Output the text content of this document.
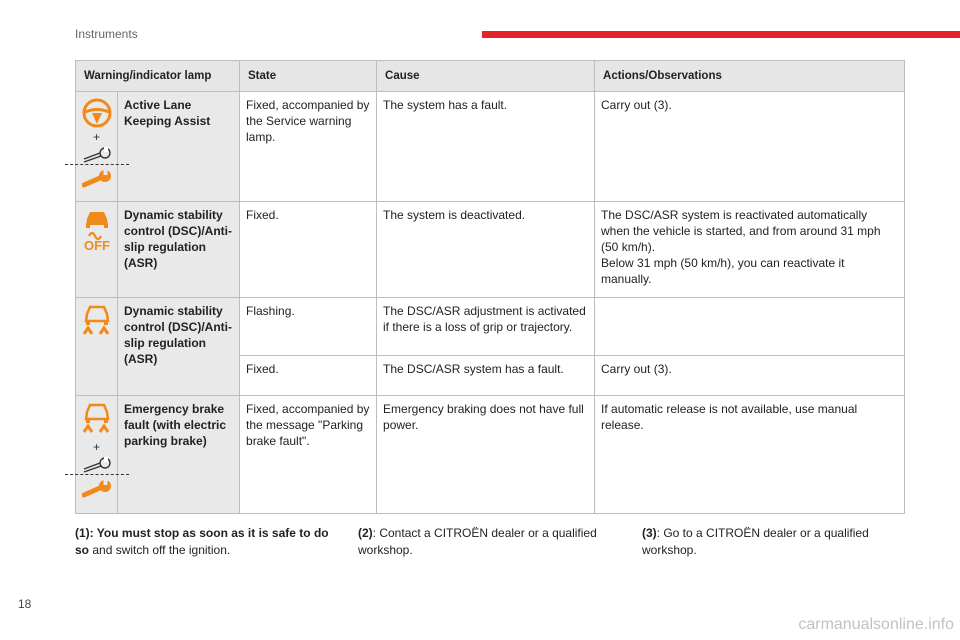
Instruments
Warning/indicator lamp		State	Cause	Actions/Observations

+	Active Lane Keeping Assist	Fixed, accompanied by the Service warning lamp.	The system has a fault.	Carry out (3).

OFF	Dynamic stability control (DSC)/Anti-slip regulation (ASR)	Fixed.	The system is deactivated.	The DSC/ASR system is reactivated automatically when the vehicle is started, and from around 31 mph (50 km/h).
Below 31 mph (50 km/h), you can reactivate it manually.

	Dynamic stability control (DSC)/Anti-slip regulation (ASR)	Flashing.	The DSC/ASR adjustment is activated if there is a loss of grip or trajectory.	
		Fixed.	The DSC/ASR system has a fault.	Carry out (3).

+	Emergency brake fault (with electric parking brake)	Fixed, accompanied by the message "Parking brake fault".	Emergency braking does not have full power.	If automatic release is not available, use manual release.
(1): You must stop as soon as it is safe to do so and switch off the ignition.
(2): Contact a CITROËN dealer or a qualified workshop.
(3): Go to a CITROËN dealer or a qualified workshop.
18
carmanualsonline.info
